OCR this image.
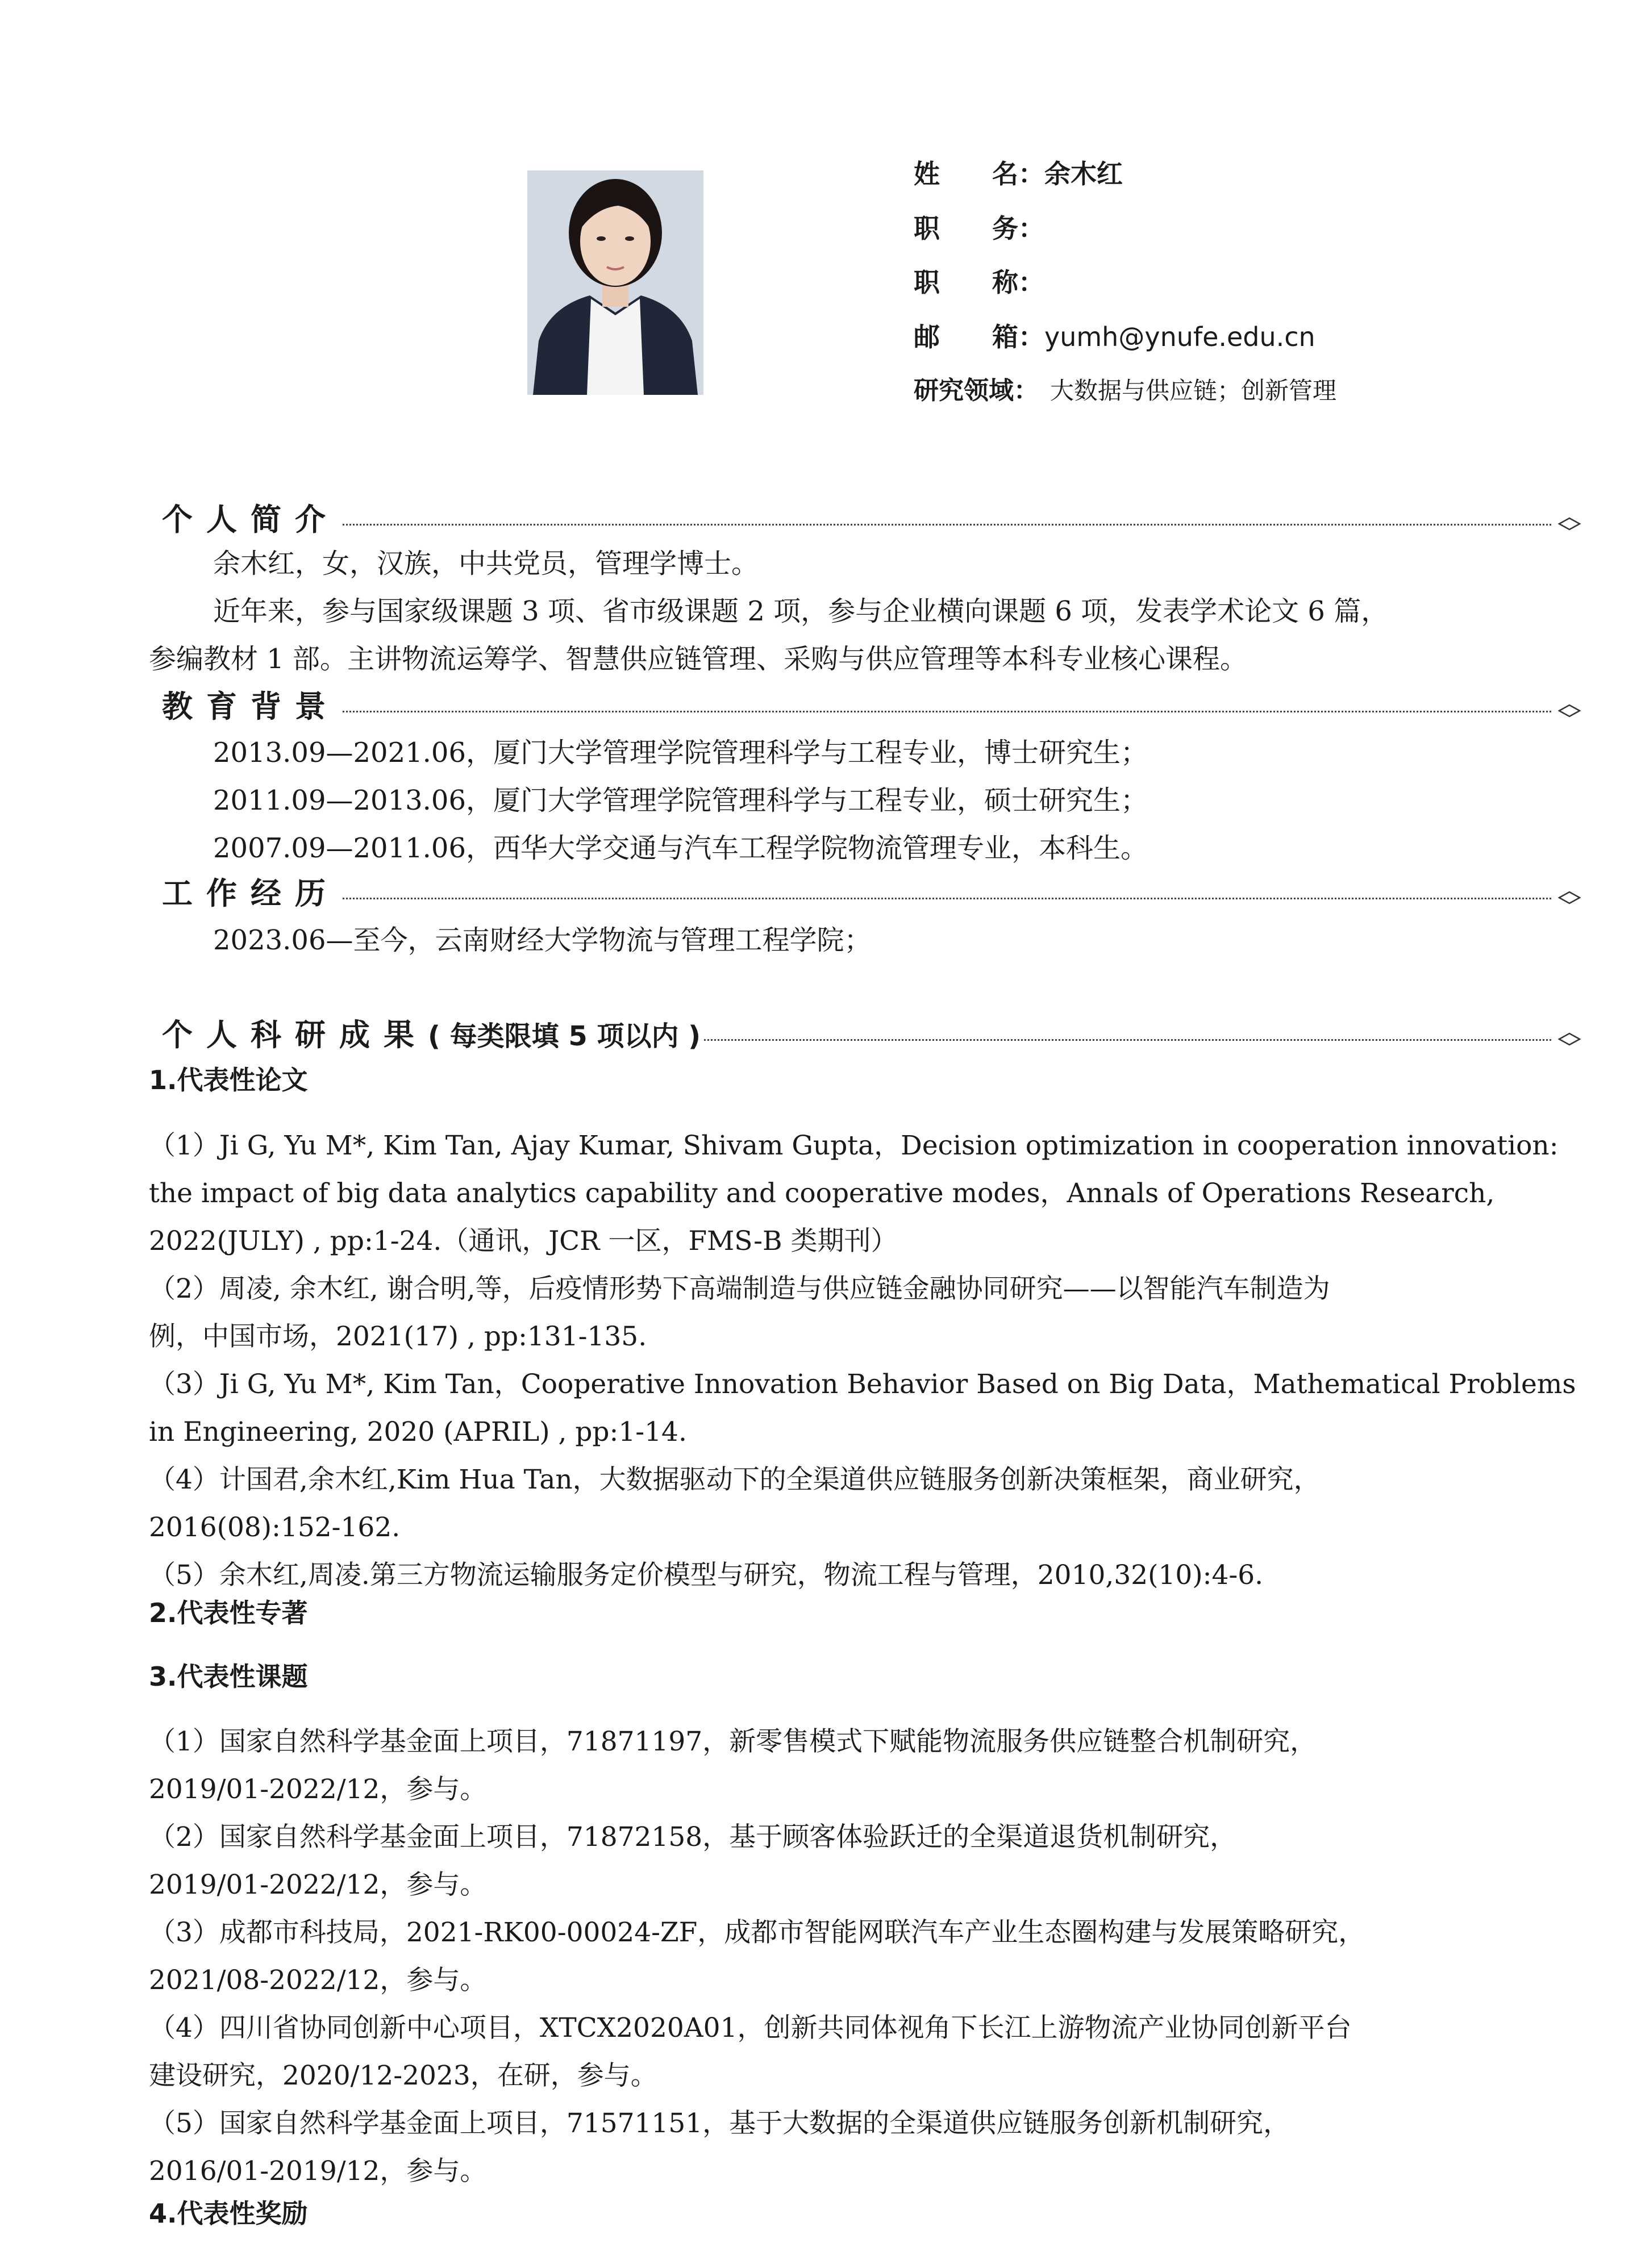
姓　　名：余木红
职　　务：
职　　称：
邮　　箱：yumh@ynufe.edu.cn
研究领域： 大数据与供应链；创新管理
个人简介
余木红，女，汉族，中共党员，管理学博士。
近年来，参与国家级课题 3 项、省市级课题 2 项，参与企业横向课题 6 项，发表学术论文 6 篇，
参编教材 1 部。主讲物流运筹学、智慧供应链管理、采购与供应管理等本科专业核心课程。
教育背景
2013.09—2021.06，厦门大学管理学院管理科学与工程专业，博士研究生；
2011.09—2013.06，厦门大学管理学院管理科学与工程专业，硕士研究生；
2007.09—2011.06，西华大学交通与汽车工程学院物流管理专业，本科生。
工作经历
2023.06—至今，云南财经大学物流与管理工程学院；
个人科研成果( 每类限填 5 项以内 )
1.代表性论文
（1）Ji G, Yu M*, Kim Tan, Ajay Kumar, Shivam Gupta，Decision optimization in cooperation innovation:
the impact of big data analytics capability and cooperative modes，Annals of Operations Research,
2022(JULY) , pp:1-24.（通讯，JCR 一区，FMS-B 类期刊）
（2）周凌, 余木红, 谢合明,等，后疫情形势下高端制造与供应链金融协同研究——以智能汽车制造为
例，中国市场，2021(17) , pp:131-135.
（3）Ji G, Yu M*, Kim Tan，Cooperative Innovation Behavior Based on Big Data，Mathematical Problems
in Engineering, 2020 (APRIL) , pp:1-14.
（4）计国君,余木红,Kim Hua Tan，大数据驱动下的全渠道供应链服务创新决策框架，商业研究，
2016(08):152-162.
（5）余木红,周凌.第三方物流运输服务定价模型与研究，物流工程与管理，2010,32(10):4-6.
2.代表性专著
3.代表性课题
（1）国家自然科学基金面上项目，71871197，新零售模式下赋能物流服务供应链整合机制研究，
2019/01-2022/12，参与。
（2）国家自然科学基金面上项目，71872158，基于顾客体验跃迁的全渠道退货机制研究，
2019/01-2022/12，参与。
（3）成都市科技局，2021-RK00-00024-ZF，成都市智能网联汽车产业生态圈构建与发展策略研究，
2021/08-2022/12，参与。
（4）四川省协同创新中心项目，XTCX2020A01，创新共同体视角下长江上游物流产业协同创新平台
建设研究，2020/12-2023，在研，参与。
（5）国家自然科学基金面上项目，71571151，基于大数据的全渠道供应链服务创新机制研究，
2016/01-2019/12，参与。
4.代表性奖励
